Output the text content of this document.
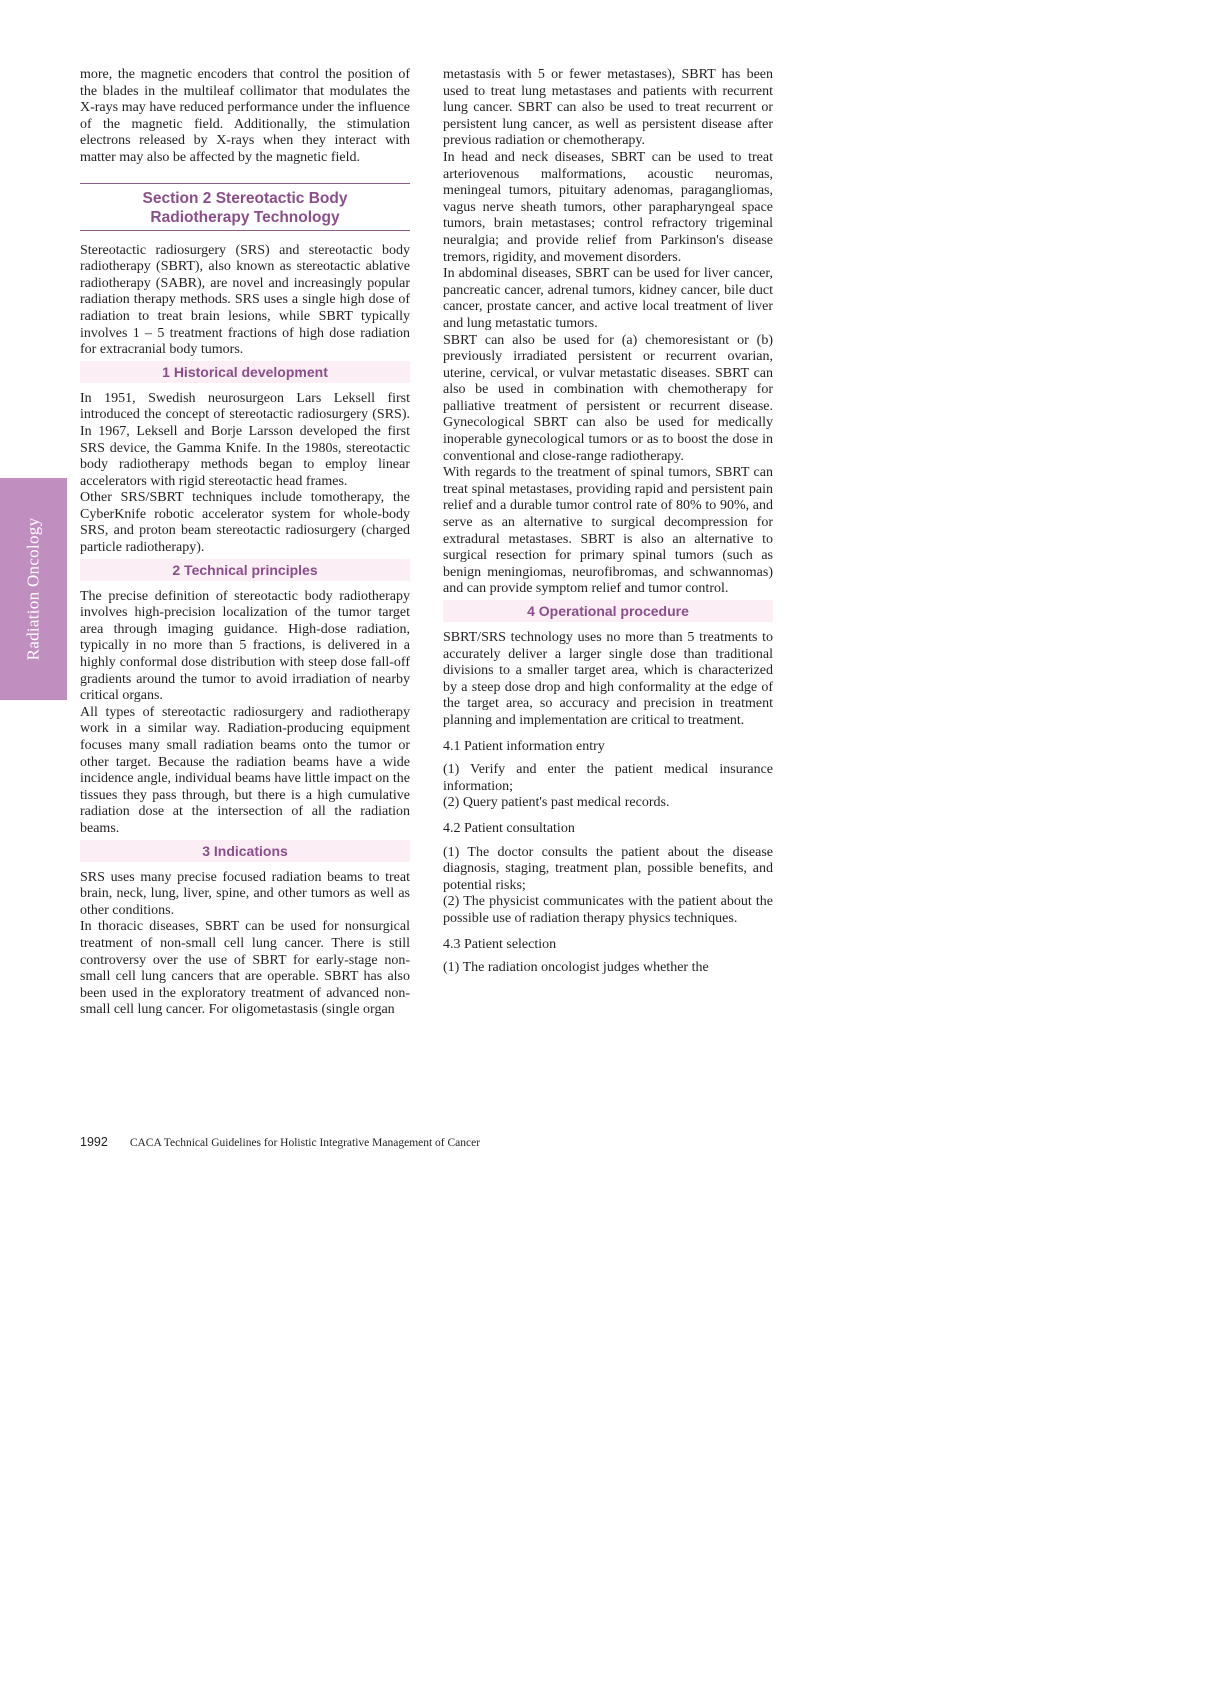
Radiation Oncology

more, the magnetic encoders that control the position of the blades in the multileaf collimator that modulates the X-rays may have reduced performance under the influence of the magnetic field. Additionally, the stimulation electrons released by X-rays when they interact with matter may also be affected by the magnetic field.

Section 2 Stereotactic Body
Radiotherapy Technology

Stereotactic radiosurgery (SRS) and stereotactic body radiotherapy (SBRT), also known as stereotactic ablative radiotherapy (SABR), are novel and increasingly popular radiation therapy methods. SRS uses a single high dose of radiation to treat brain lesions, while SBRT typically involves 1 – 5 treatment fractions of high dose radiation for extracranial body tumors.

1 Historical development

In 1951, Swedish neurosurgeon Lars Leksell first introduced the concept of stereotactic radiosurgery (SRS). In 1967, Leksell and Borje Larsson developed the first SRS device, the Gamma Knife. In the 1980s, stereotactic body radiotherapy methods began to employ linear accelerators with rigid stereotactic head frames.

Other SRS/SBRT techniques include tomotherapy, the CyberKnife robotic accelerator system for whole-body SRS, and proton beam stereotactic radiosurgery (charged particle radiotherapy).

2 Technical principles

The precise definition of stereotactic body radiotherapy involves high-precision localization of the tumor target area through imaging guidance. High-dose radiation, typically in no more than 5 fractions, is delivered in a highly conformal dose distribution with steep dose fall-off gradients around the tumor to avoid irradiation of nearby critical organs.

All types of stereotactic radiosurgery and radiotherapy work in a similar way. Radiation-producing equipment focuses many small radiation beams onto the tumor or other target. Because the radiation beams have a wide incidence angle, individual beams have little impact on the tissues they pass through, but there is a high cumulative radiation dose at the intersection of all the radiation beams.

3 Indications

SRS uses many precise focused radiation beams to treat brain, neck, lung, liver, spine, and other tumors as well as other conditions.

In thoracic diseases, SBRT can be used for nonsurgical treatment of non-small cell lung cancer. There is still controversy over the use of SBRT for early-stage non-small cell lung cancers that are operable. SBRT has also been used in the exploratory treatment of advanced non-small cell lung cancer. For oligometastasis (single organ

metastasis with 5 or fewer metastases), SBRT has been used to treat lung metastases and patients with recurrent lung cancer. SBRT can also be used to treat recurrent or persistent lung cancer, as well as persistent disease after previous radiation or chemotherapy.

In head and neck diseases, SBRT can be used to treat arteriovenous malformations, acoustic neuromas, meningeal tumors, pituitary adenomas, paragangliomas, vagus nerve sheath tumors, other parapharyngeal space tumors, brain metastases; control refractory trigeminal neuralgia; and provide relief from Parkinson's disease tremors, rigidity, and movement disorders.

In abdominal diseases, SBRT can be used for liver cancer, pancreatic cancer, adrenal tumors, kidney cancer, bile duct cancer, prostate cancer, and active local treatment of liver and lung metastatic tumors.

SBRT can also be used for (a) chemoresistant or (b) previously irradiated persistent or recurrent ovarian, uterine, cervical, or vulvar metastatic diseases. SBRT can also be used in combination with chemotherapy for palliative treatment of persistent or recurrent disease. Gynecological SBRT can also be used for medically inoperable gynecological tumors or as to boost the dose in conventional and close-range radiotherapy.

With regards to the treatment of spinal tumors, SBRT can treat spinal metastases, providing rapid and persistent pain relief and a durable tumor control rate of 80% to 90%, and serve as an alternative to surgical decompression for extradural metastases. SBRT is also an alternative to surgical resection for primary spinal tumors (such as benign meningiomas, neurofibromas, and schwannomas) and can provide symptom relief and tumor control.

4 Operational procedure

SBRT/SRS technology uses no more than 5 treatments to accurately deliver a larger single dose than traditional divisions to a smaller target area, which is characterized by a steep dose drop and high conformality at the edge of the target area, so accuracy and precision in treatment planning and implementation are critical to treatment.

4.1 Patient information entry

(1) Verify and enter the patient medical insurance information;

(2) Query patient's past medical records.

4.2 Patient consultation

(1) The doctor consults the patient about the disease diagnosis, staging, treatment plan, possible benefits, and potential risks;

(2) The physicist communicates with the patient about the possible use of radiation therapy physics techniques.

4.3 Patient selection

(1) The radiation oncologist judges whether the

1992 CACA Technical Guidelines for Holistic Integrative Management of Cancer
